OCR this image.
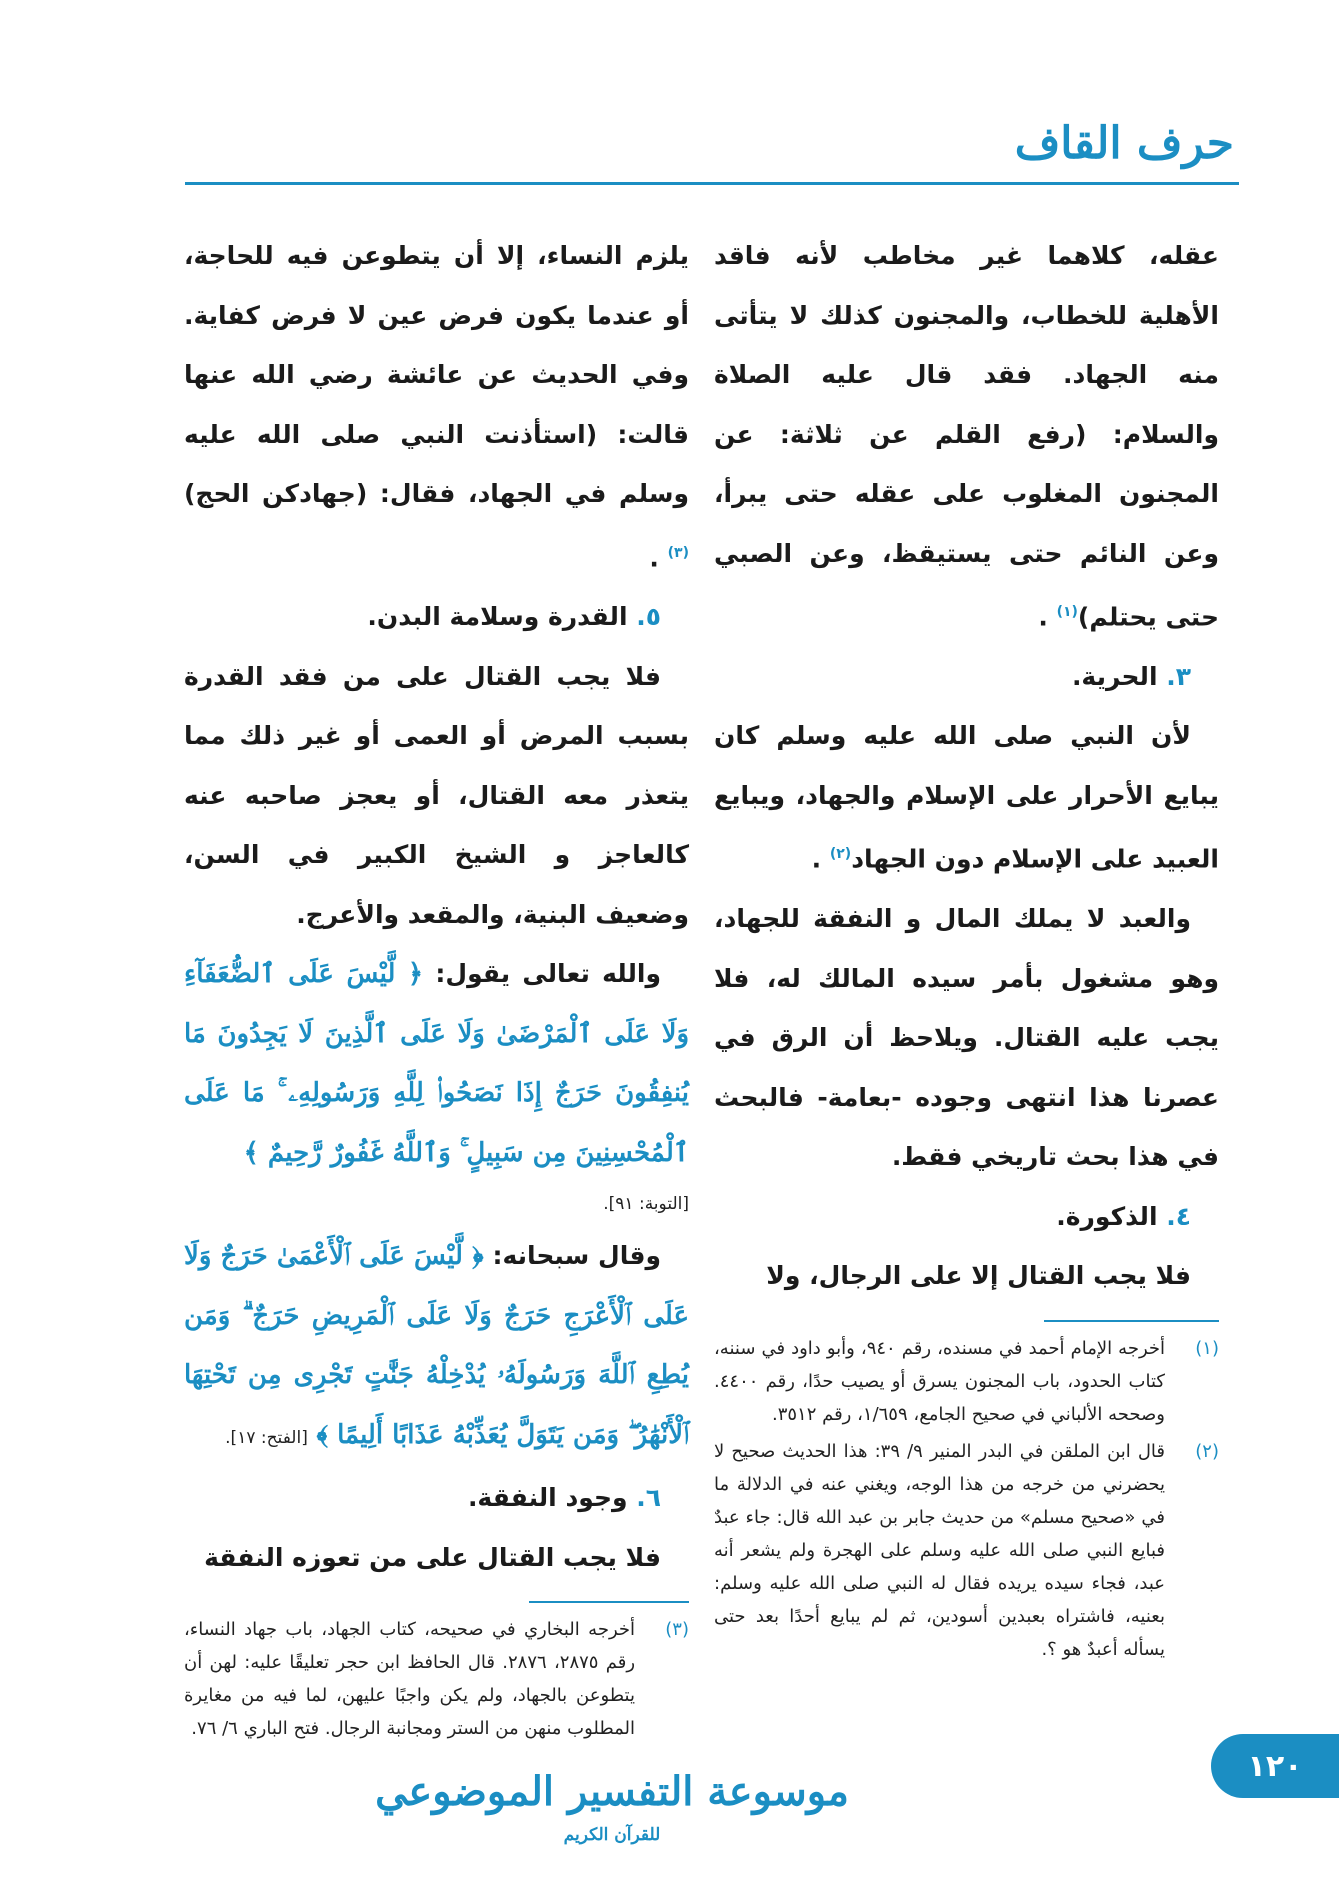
حرف القاف

عقله، كلاهما غير مخاطب لأنه فاقد الأهلية للخطاب، والمجنون كذلك لا يتأتى منه الجهاد. فقد قال عليه الصلاة والسلام: (رفع القلم عن ثلاثة: عن المجنون المغلوب على عقله حتى يبرأ، وعن النائم حتى يستيقظ، وعن الصبي حتى يحتلم)$^{(١)}$ .

٣. الحرية.

لأن النبي صلى الله عليه وسلم كان يبايع الأحرار على الإسلام والجهاد، ويبايع العبيد على الإسلام دون الجهاد$^{(٢)}$ .

والعبد لا يملك المال و النفقة للجهاد، وهو مشغول بأمر سيده المالك له، فلا يجب عليه القتال. ويلاحظ أن الرق في عصرنا هذا انتهى وجوده -بعامة- فالبحث في هذا بحث تاريخي فقط.

٤. الذكورة.

فلا يجب القتال إلا على الرجال، ولا

(١)
أخرجه الإمام أحمد في مسنده، رقم ٩٤٠، وأبو داود في سننه، كتاب الحدود، باب المجنون يسرق أو يصيب حدًا، رقم ٤٤٠٠. وصححه الألباني في صحيح الجامع، ١/٦٥٩، رقم ٣٥١٢.
(٢)
قال ابن الملقن في البدر المنير ٩/ ٣٩: هذا الحديث صحيح لا يحضرني من خرجه من هذا الوجه، ويغني عنه في الدلالة ما في «صحيح مسلم» من حديث جابر بن عبد الله قال: جاء عبدٌ فبايع النبي صلى الله عليه وسلم على الهجرة ولم يشعر أنه عبد، فجاء سيده يريده فقال له النبي صلى الله عليه وسلم: بعنيه، فاشتراه بعبدين أسودين، ثم لم يبايع أحدًا بعد حتى يسأله أعبدٌ هو ؟.

يلزم النساء، إلا أن يتطوعن فيه للحاجة، أو عندما يكون فرض عين لا فرض كفاية. وفي الحديث عن عائشة رضي الله عنها قالت: (استأذنت النبي صلى الله عليه وسلم في الجهاد، فقال: (جهادكن الحج)$^{(٣)}$ .

٥. القدرة وسلامة البدن.

فلا يجب القتال على من فقد القدرة بسبب المرض أو العمى أو غير ذلك مما يتعذر معه القتال، أو يعجز صاحبه عنه كالعاجز و الشيخ الكبير في السن، وضعيف البنية، والمقعد والأعرج.

والله تعالى يقول: ﴿ لَّيْسَ عَلَى ٱلضُّعَفَآءِ وَلَا عَلَى ٱلْمَرْضَىٰ وَلَا عَلَى ٱلَّذِينَ لَا يَجِدُونَ مَا يُنفِقُونَ حَرَجٌ إِذَا نَصَحُوا۟ لِلَّهِ وَرَسُولِهِۦ ۚ مَا عَلَى ٱلْمُحْسِنِينَ مِن سَبِيلٍ ۚ وَٱللَّهُ غَفُورٌ رَّحِيمٌ ﴾

[التوبة: ٩١].

وقال سبحانه: ﴿ لَّيْسَ عَلَى ٱلْأَعْمَىٰ حَرَجٌ وَلَا عَلَى ٱلْأَعْرَجِ حَرَجٌ وَلَا عَلَى ٱلْمَرِيضِ حَرَجٌ ۗ وَمَن يُطِعِ ٱللَّهَ وَرَسُولَهُۥ يُدْخِلْهُ جَنَّٰتٍ تَجْرِى مِن تَحْتِهَا ٱلْأَنْهَٰرُ ۖ وَمَن يَتَوَلَّ يُعَذِّبْهُ عَذَابًا أَلِيمًا ﴾ [الفتح: ١٧].

٦. وجود النفقة.

فلا يجب القتال على من تعوزه النفقة

(٣)
أخرجه البخاري في صحيحه، كتاب الجهاد، باب جهاد النساء، رقم ٢٨٧٥، ٢٨٧٦. قال الحافظ ابن حجر تعليقًا عليه: لهن أن يتطوعن بالجهاد، ولم يكن واجبًا عليهن، لما فيه من مغايرة المطلوب منهن من الستر ومجانبة الرجال. فتح الباري ٦/ ٧٦.
موسوعة التفسير الموضوعي
للقرآن الكريم
١٢٠
